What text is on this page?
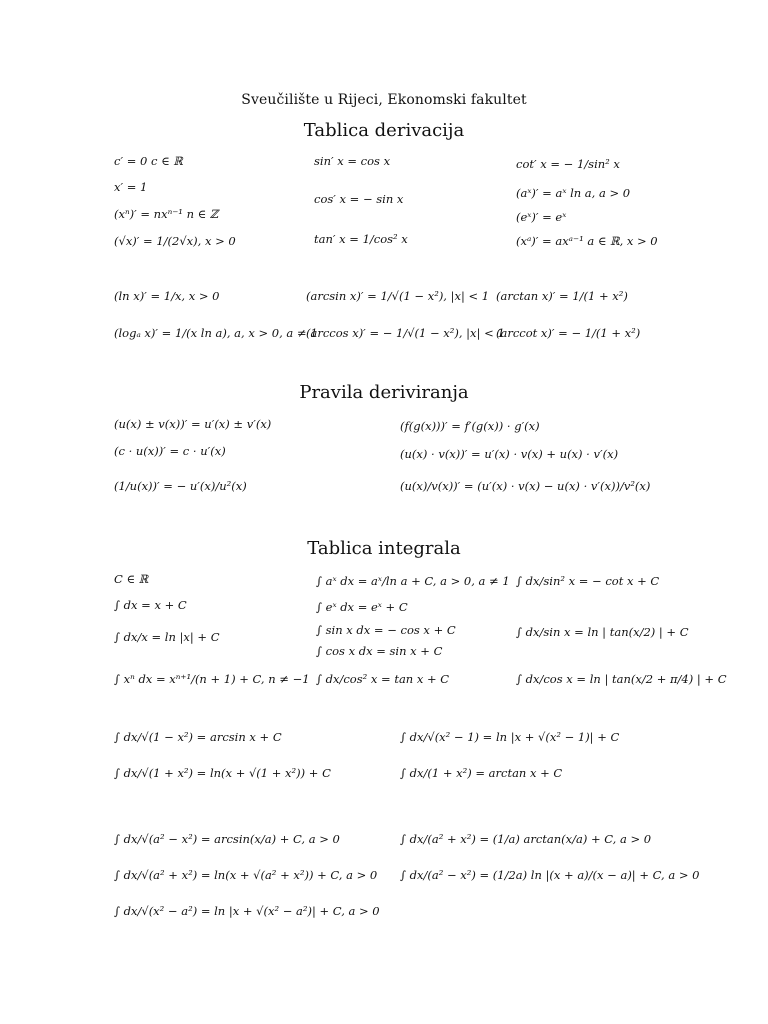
Sveučilište u Rijeci, Ekonomski fakultet
Tablica derivacija
c′ = 0 c ∈ ℝ
x′ = 1
(xⁿ)′ = nxⁿ⁻¹ n ∈ ℤ
(√x)′ = 1/(2√x), x > 0
sin′ x = cos x
cos′ x = − sin x
tan′ x = 1/cos² x
cot′ x = − 1/sin² x
(aˣ)′ = aˣ ln a, a > 0
(eˣ)′ = eˣ
(xᵃ)′ = axᵃ⁻¹ a ∈ ℝ, x > 0
(ln x)′ = 1/x, x > 0
(logₐ x)′ = 1/(x ln a), a, x > 0, a ≠ 1
(arcsin x)′ = 1/√(1 − x²), |x| < 1
(arccos x)′ = − 1/√(1 − x²), |x| < 1
(arctan x)′ = 1/(1 + x²)
(arccot x)′ = − 1/(1 + x²)
Pravila deriviranja
(u(x) ± v(x))′ = u′(x) ± v′(x)
(c · u(x))′ = c · u′(x)
(1/u(x))′ = − u′(x)/u²(x)
(f(g(x)))′ = f′(g(x)) · g′(x)
(u(x) · v(x))′ = u′(x) · v(x) + u(x) · v′(x)
(u(x)/v(x))′ = (u′(x) · v(x) − u(x) · v′(x))/v²(x)
Tablica integrala
C ∈ ℝ
∫ dx = x + C
∫ dx/x = ln |x| + C
∫ xⁿ dx = xⁿ⁺¹/(n + 1) + C, n ≠ −1
∫ aˣ dx = aˣ/ln a + C, a > 0, a ≠ 1
∫ eˣ dx = eˣ + C
∫ sin x dx = − cos x + C
∫ cos x dx = sin x + C
∫ dx/cos² x = tan x + C
∫ dx/sin² x = − cot x + C
∫ dx/sin x = ln | tan(x/2) | + C
∫ dx/cos x = ln | tan(x/2 + π/4) | + C
∫ dx/√(1 − x²) = arcsin x + C
∫ dx/√(1 + x²) = ln(x + √(1 + x²)) + C
∫ dx/√(x² − 1) = ln |x + √(x² − 1)| + C
∫ dx/(1 + x²) = arctan x + C
∫ dx/√(a² − x²) = arcsin(x/a) + C, a > 0
∫ dx/√(a² + x²) = ln(x + √(a² + x²)) + C, a > 0
∫ dx/√(x² − a²) = ln |x + √(x² − a²)| + C, a > 0
∫ dx/(a² + x²) = (1/a) arctan(x/a) + C, a > 0
∫ dx/(a² − x²) = (1/2a) ln |(x + a)/(x − a)| + C, a > 0
